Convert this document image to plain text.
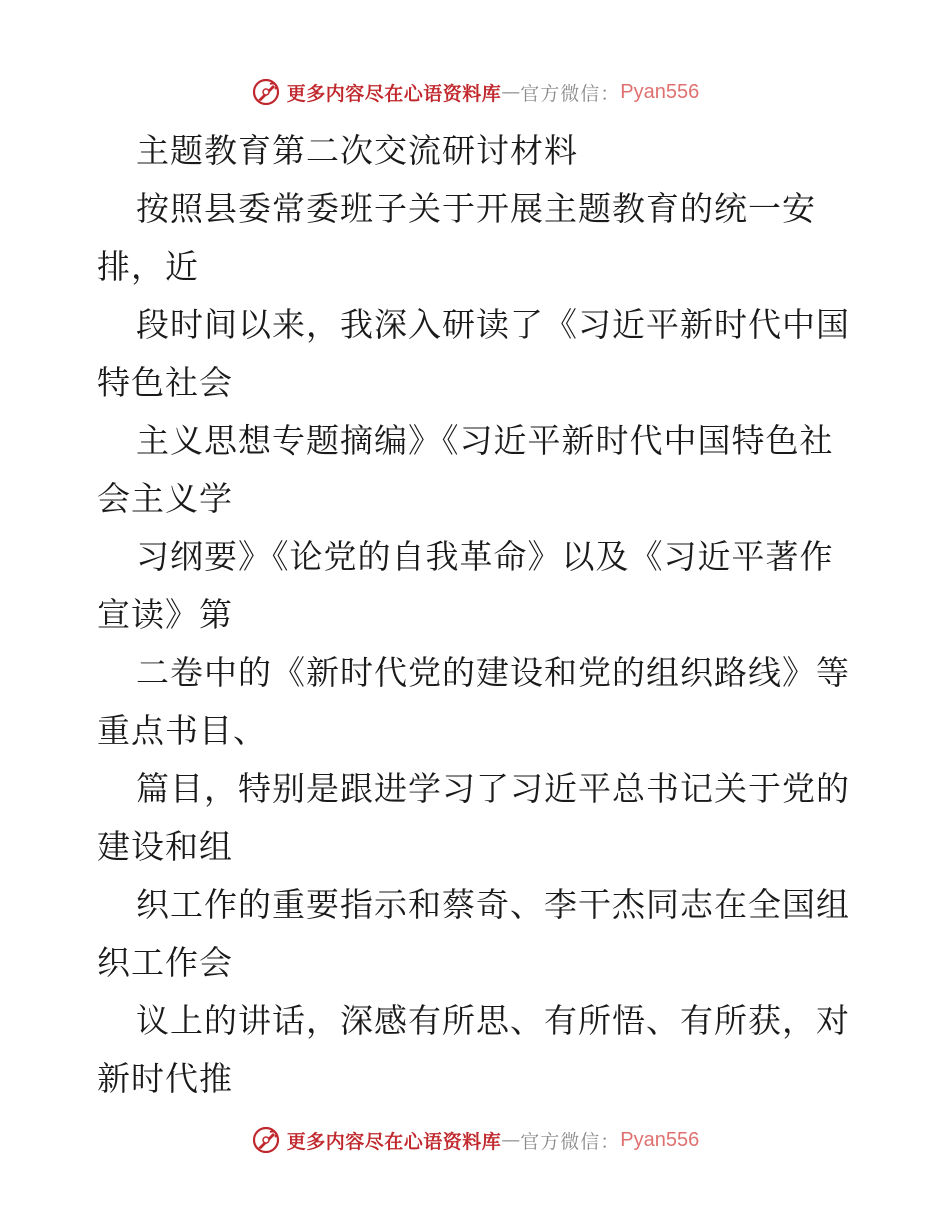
更多内容尽在心语资料库 — 官方微信： Pyan556
主题教育第二次交流研讨材料
按照县委常委班子关于开展主题教育的统一安
排，近
段时间以来，我深入研读了《习近平新时代中国
特色社会
主义思想专题摘编》《习近平新时代中国特色社
会主义学
习纲要》《论党的自我革命》以及《习近平著作
宣读》第
二卷中的《新时代党的建设和党的组织路线》等
重点书目、
篇目，特别是跟进学习了习近平总书记关于党的
建设和组
织工作的重要指示和蔡奇、李干杰同志在全国组
织工作会
议上的讲话，深感有所思、有所悟、有所获，对
新时代推
更多内容尽在心语资料库 — 官方微信： Pyan556
